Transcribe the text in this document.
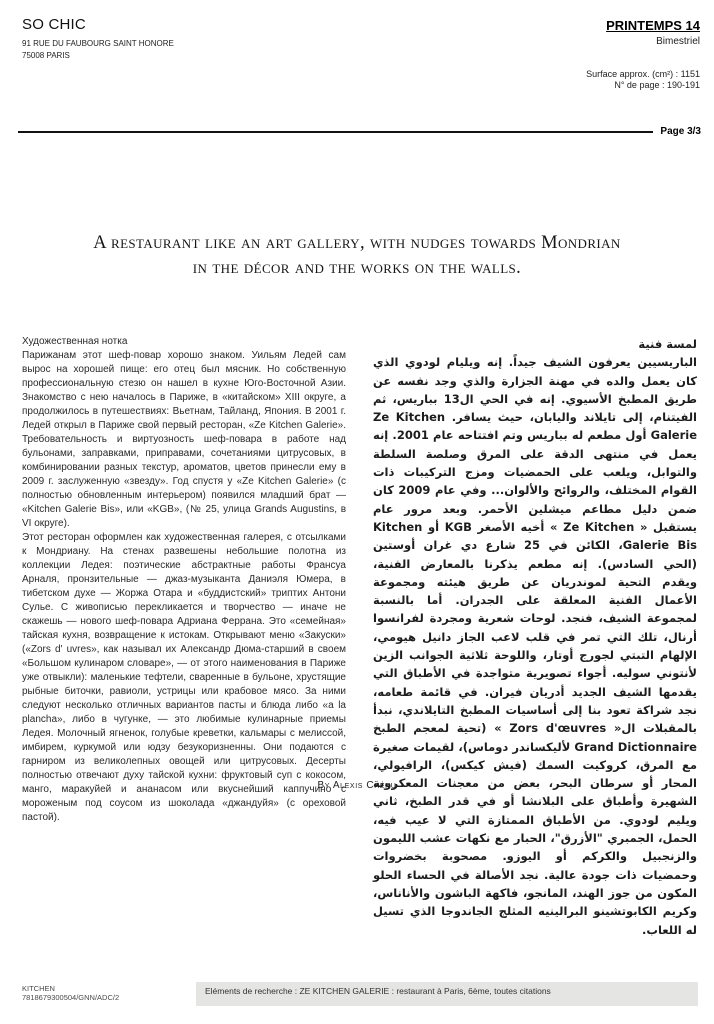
SO CHIC
91 RUE DU FAUBOURG SAINT HONORE
75008 PARIS
PRINTEMPS 14
Bimestriel
Surface approx. (cm²) : 1151
N° de page : 190-191
Page 3/3
A restaurant like an art gallery, with nudges towards Mondrian
in the décor and the works on the walls.

Художественная нотка

Парижанам этот шеф-повар хорошо знаком. Уильям Ледей сам вырос на хорошей пище: его отец был мясник. Но собственную профессиональную стезю он нашел в кухне Юго-Восточной Азии. Знакомство с нею началось в Париже, в «китайском» XIII округе, а продолжилось в путешествиях: Вьетнам, Тайланд, Япония. В 2001 г. Ледей открыл в Париже свой первый ресторан, «Ze Kitchen Galerie». Требовательность и виртуозность шеф-повара в работе над бульонами, заправками, приправами, сочетаниями цитрусовых, в комбинировании разных текстур, ароматов, цветов принесли ему в 2009 г. заслуженную «звезду». Год спустя у «Ze Kitchen Galerie» (с полностью обновленным интерьером) появился младший брат — «Kitchen Galerie Bis», или «KGB», (№ 25, улица Grands Augustins, в VI округе).

Этот ресторан оформлен как художественная галерея, с отсылками к Мондриану. На стенах развешены небольшие полотна из коллекции Ледея: поэтические абстрактные работы Франсуа Арналя, пронзительные — джаз-музыканта Даниэля Юмера, в тибетском духе — Жоржа Отара и «буддистский» триптих Антони Сулье. С живописью перекликается и творчество — иначе не скажешь — нового шеф-повара Адриана Феррана. Это «семейная» тайская кухня, возвращение к истокам. Открывают меню «Закуски» («Zors d' uvres», как называл их Александр Дюма-старший в своем «Большом кулинаром словаре», — от этого наименования в Париже уже отвыкли): маленькие тефтели, сваренные в бульоне, хрустящие рыбные биточки, равиоли, устрицы или крабовое мясо. За ними следуют несколько отличных вариантов пасты и блюда либо «a la plancha», либо в чугунке, — это любимые кулинарные приемы Ледея. Молочный ягненок, голубые креветки, кальмары с мелиссой, имбирем, куркумой или юдзу безукоризненны. Они подаются с гарниром из великолепных овощей или цитрусовых. Десерты полностью отвечают духу тайской кухни: фруктовый суп с кокосом, манго, маракуйей и ананасом или вкуснейший каппучино с мороженым под соусом из шоколада «джандуйя» (с ореховой пастой).

لمسة فنية

الباريسيين يعرفون الشيف جيداً. إنه ويليام لودوي الذي كان يعمل والده في مهنة الجزارة والذي وجد نفسه عن طريق المطبخ الأسيوي. إنه في الحي ال13 بباريس، ثم الفيتنام، إلى تايلاند واليابان، حيث يسافر. Ze Kitchen Galerie أول مطعم له بباريس وتم افتتاحه عام 2001. إنه يعمل في منتهى الدقة على المرق وصلصة السلطة والتوابل، ويلعب على الحمضيات ومزج التركيبات ذات القوام المختلف، والروائح والألوان... وفي عام 2009 كان ضمن دليل مطاعم ميشلين الأحمر. وبعد مرور عام يستقبل « Ze Kitchen » أخيه الأصغر KGB أو Kitchen Galerie Bis، الكائن في 25 شارع دي غران أوستين (الحي السادس). إنه مطعم يذكرنا بالمعارض الفنية، ويقدم التحية لموندريان عن طريق هيئته ومجموعة الأعمال الفنية المعلقة على الجدران. أما بالنسبة لمجموعة الشيف، فنجد. لوحات شعرية ومجردة لفرانسوا أرنال، تلك التي تمر في قلب لاعب الجاز دانيل هيومي، الإلهام التبتي لجورج أوتار، واللوحة ثلاثية الجوانب الزين لأنتوني سوليه. أجواء تصويرية متواجدة في الأطباق التي يقدمها الشيف الجديد أدريان فيران. في قائمة طعامه، نجد شراكة تعود بنا إلى أساسيات المطبخ التايلاندي، نبدأ بالمقبلات ال« Zors d'œuvres » (تحية لمعجم الطبخ Grand Dictionnaire لأليكساندر دوماس)، لقيمات صغيرة مع المرق، كروكيت السمك (فيش كيكس)، الرافيولي، المحار أو سرطان البحر، بعض من معجنات المعكرونة الشهيرة وأطباق على البلانشا أو في قدر الطبخ، ثاني ويليم لودوي. من الأطباق الممتازة التي لا عيب فيه، الحمل، الجمبري "الأزرق"، الحبار مع نكهات عشب الليمون والزنجبيل والكركم أو اليوزو. مصحوبة بخضروات وحمضيات ذات جودة عالية. نجد الأصالة في الحساء الحلو المكون من جوز الهند، المانجو، فاكهة الباشون والأناناس، وكريم الكابوتشينو البرالينيه المثلج الجاندوجا الذي تسيل له اللعاب.

By Alexis Chenu
KITCHEN
7818679300504/GNN/ADC/2
Eléments de recherche : ZE KITCHEN GALERIE : restaurant à Paris, 6ème, toutes citations
